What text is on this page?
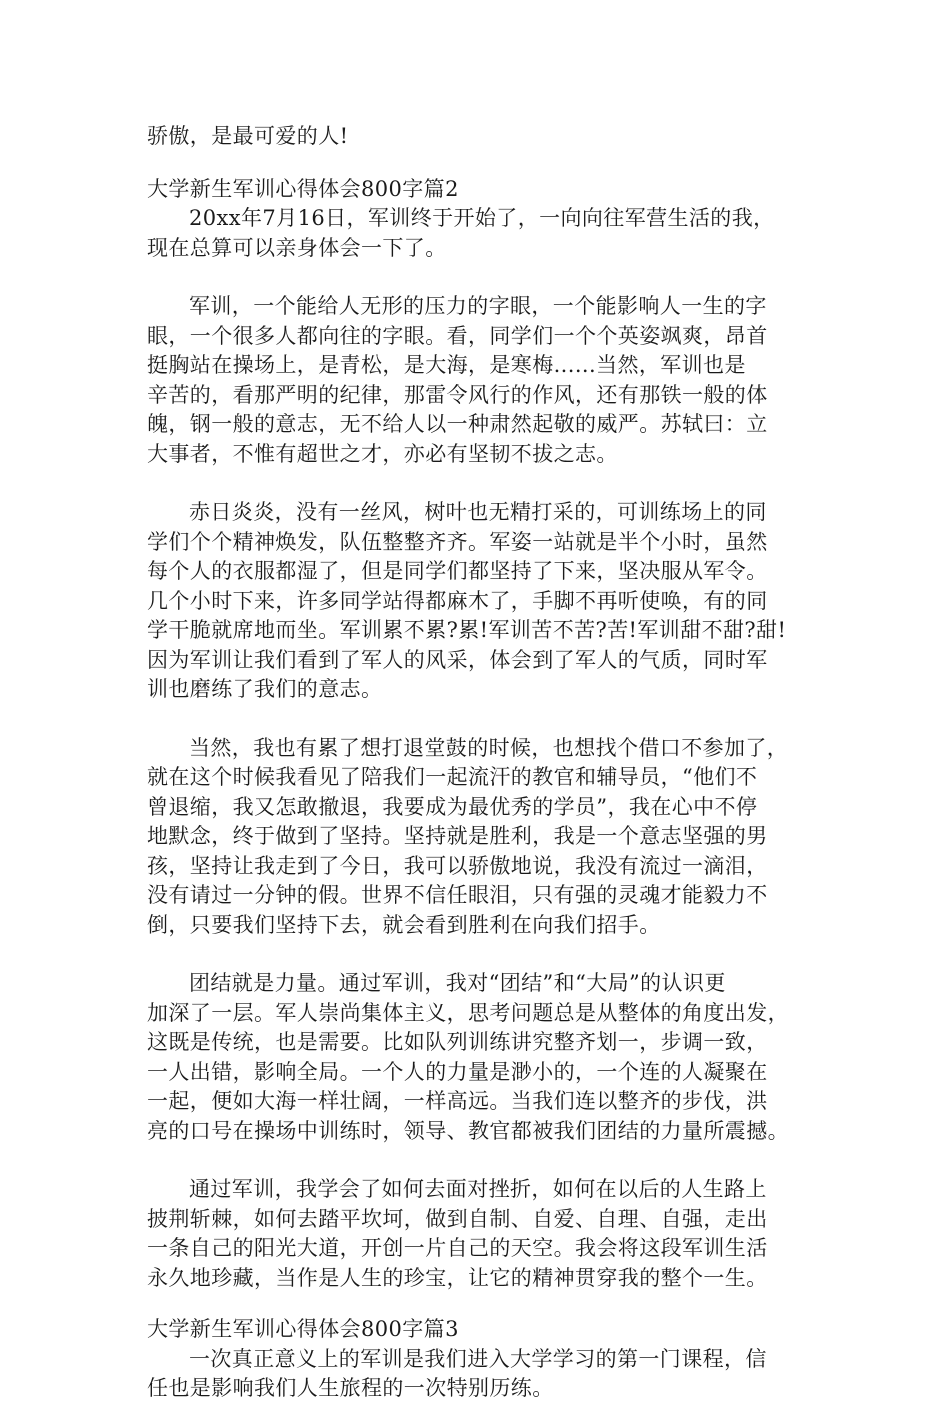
骄傲，是最可爱的人!

大学新生军训心得体会800字篇2

20xx年7月16日，军训终于开始了，一向向往军营生活的我，

现在总算可以亲身体会一下了。

军训，一个能给人无形的压力的字眼，一个能影响人一生的字

眼，一个很多人都向往的字眼。看，同学们一个个英姿飒爽，昂首

挺胸站在操场上，是青松，是大海，是寒梅......当然，军训也是

辛苦的，看那严明的纪律，那雷令风行的作风，还有那铁一般的体

魄，钢一般的意志，无不给人以一种肃然起敬的威严。苏轼曰：立

大事者，不惟有超世之才，亦必有坚韧不拔之志。

赤日炎炎，没有一丝风，树叶也无精打采的，可训练场上的同

学们个个精神焕发，队伍整整齐齐。军姿一站就是半个小时，虽然

每个人的衣服都湿了，但是同学们都坚持了下来，坚决服从军令。

几个小时下来，许多同学站得都麻木了，手脚不再听使唤，有的同

学干脆就席地而坐。军训累不累?累!军训苦不苦?苦!军训甜不甜?甜!

因为军训让我们看到了军人的风采，体会到了军人的气质，同时军

训也磨练了我们的意志。

当然，我也有累了想打退堂鼓的时候，也想找个借口不参加了，

就在这个时候我看见了陪我们一起流汗的教官和辅导员，“他们不

曾退缩，我又怎敢撤退，我要成为最优秀的学员”，我在心中不停

地默念，终于做到了坚持。坚持就是胜利，我是一个意志坚强的男

孩，坚持让我走到了今日，我可以骄傲地说，我没有流过一滴泪，

没有请过一分钟的假。世界不信任眼泪，只有强的灵魂才能毅力不

倒，只要我们坚持下去，就会看到胜利在向我们招手。

团结就是力量。通过军训，我对“团结”和“大局”的认识更

加深了一层。军人崇尚集体主义，思考问题总是从整体的角度出发，

这既是传统，也是需要。比如队列训练讲究整齐划一，步调一致，

一人出错，影响全局。一个人的力量是渺小的，一个连的人凝聚在

一起，便如大海一样壮阔，一样高远。当我们连以整齐的步伐，洪

亮的口号在操场中训练时，领导、教官都被我们团结的力量所震撼。

通过军训，我学会了如何去面对挫折，如何在以后的人生路上

披荆斩棘，如何去踏平坎坷，做到自制、自爱、自理、自强，走出

一条自己的阳光大道，开创一片自己的天空。我会将这段军训生活

永久地珍藏，当作是人生的珍宝，让它的精神贯穿我的整个一生。

大学新生军训心得体会800字篇3

一次真正意义上的军训是我们进入大学学习的第一门课程，信

任也是影响我们人生旅程的一次特别历练。
